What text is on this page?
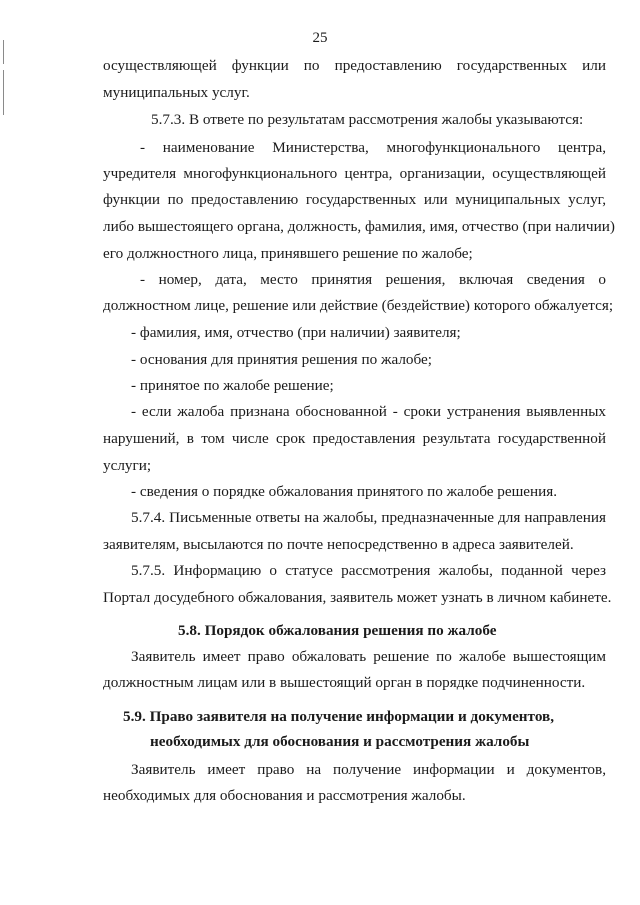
25
осуществляющей функции по предоставлению государственных или
муниципальных услуг.
5.7.3. В ответе по результатам рассмотрения жалобы указываются:
- наименование Министерства, многофункционального центра,
учредителя многофункционального центра, организации, осуществляющей
функции по предоставлению государственных или муниципальных услуг,
либо вышестоящего органа, должность, фамилия, имя, отчество (при наличии)
его должностного лица, принявшего решение по жалобе;
- номер, дата, место принятия решения, включая сведения о
должностном лице, решение или действие (бездействие) которого обжалуется;
- фамилия, имя, отчество (при наличии) заявителя;
- основания для принятия решения по жалобе;
- принятое по жалобе решение;
- если жалоба признана обоснованной - сроки устранения выявленных
нарушений, в том числе срок предоставления результата государственной
услуги;
- сведения о порядке обжалования принятого по жалобе решения.
5.7.4. Письменные ответы на жалобы, предназначенные для направления
заявителям, высылаются по почте непосредственно в адреса заявителей.
5.7.5. Информацию о статусе рассмотрения жалобы, поданной через
Портал досудебного обжалования, заявитель может узнать в личном кабинете.
5.8. Порядок обжалования решения по жалобе
Заявитель имеет право обжаловать решение по жалобе вышестоящим
должностным лицам или в вышестоящий орган в порядке подчиненности.
5.9. Право заявителя на получение информации и документов,
необходимых для обоснования и рассмотрения жалобы
Заявитель имеет право на получение информации и документов,
необходимых для обоснования и рассмотрения жалобы.
